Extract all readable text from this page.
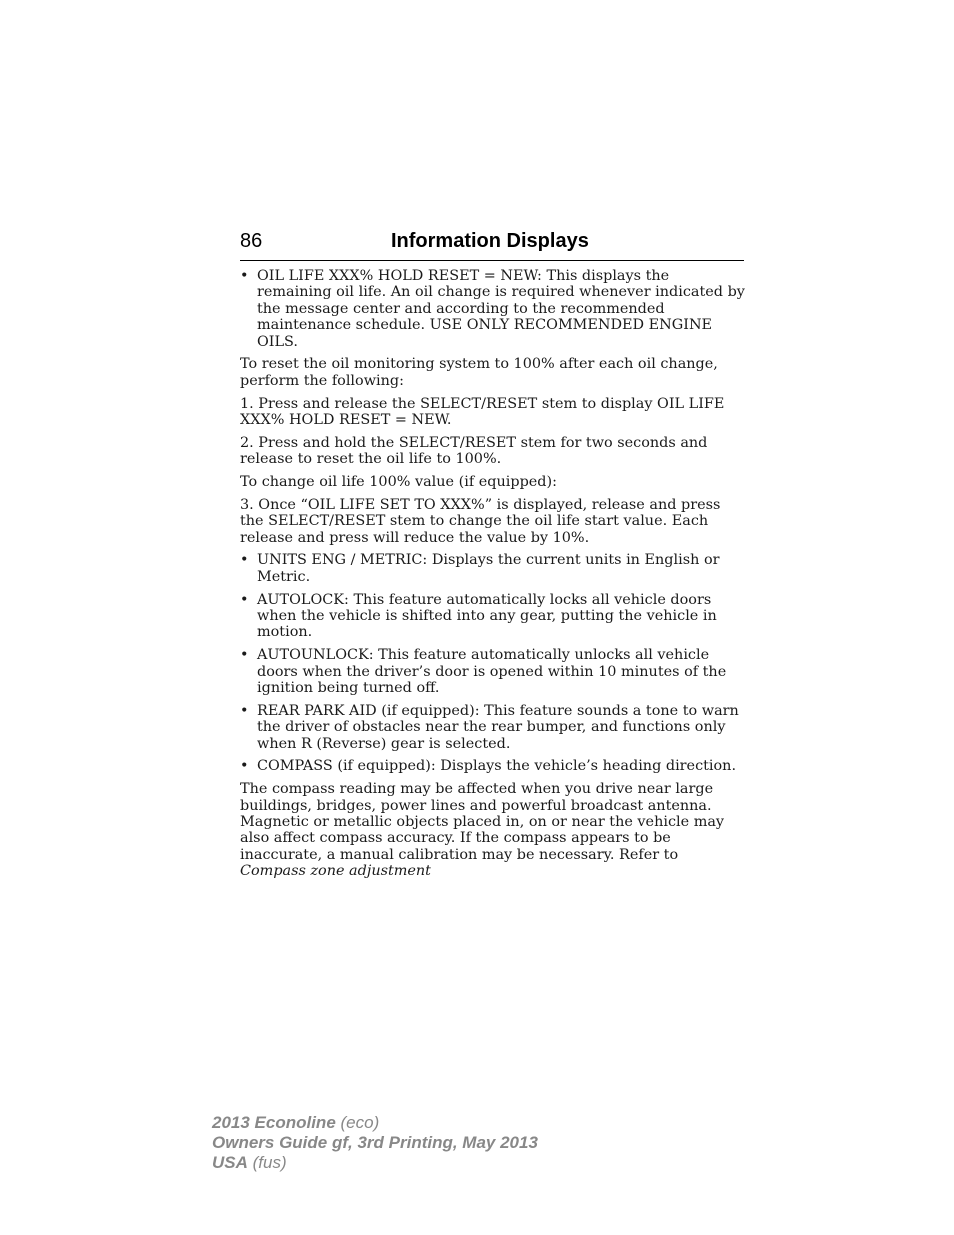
86	Information Displays
• OIL LIFE XXX% HOLD RESET = NEW: This displays the remaining oil life. An oil change is required whenever indicated by the message center and according to the recommended maintenance schedule. USE ONLY RECOMMENDED ENGINE OILS.

To reset the oil monitoring system to 100% after each oil change, perform the following:

1. Press and release the SELECT/RESET stem to display OIL LIFE XXX% HOLD RESET = NEW.

2. Press and hold the SELECT/RESET stem for two seconds and release to reset the oil life to 100%.

To change oil life 100% value (if equipped):

3. Once “OIL LIFE SET TO XXX%” is displayed, release and press the SELECT/RESET stem to change the oil life start value. Each release and press will reduce the value by 10%.

• UNITS ENG / METRIC: Displays the current units in English or Metric.
• AUTOLOCK: This feature automatically locks all vehicle doors when the vehicle is shifted into any gear, putting the vehicle in motion.
• AUTOUNLOCK: This feature automatically unlocks all vehicle doors when the driver’s door is opened within 10 minutes of the ignition being turned off.
• REAR PARK AID (if equipped): This feature sounds a tone to warn the driver of obstacles near the rear bumper, and functions only when R (Reverse) gear is selected.
• COMPASS (if equipped): Displays the vehicle’s heading direction.

The compass reading may be affected when you drive near large buildings, bridges, power lines and powerful broadcast antenna. Magnetic or metallic objects placed in, on or near the vehicle may also affect compass accuracy. If the compass appears to be inaccurate, a manual calibration may be necessary. Refer to Compass zone adjustment

2013 Econoline (eco)
Owners Guide gf, 3rd Printing, May 2013
USA (fus)
